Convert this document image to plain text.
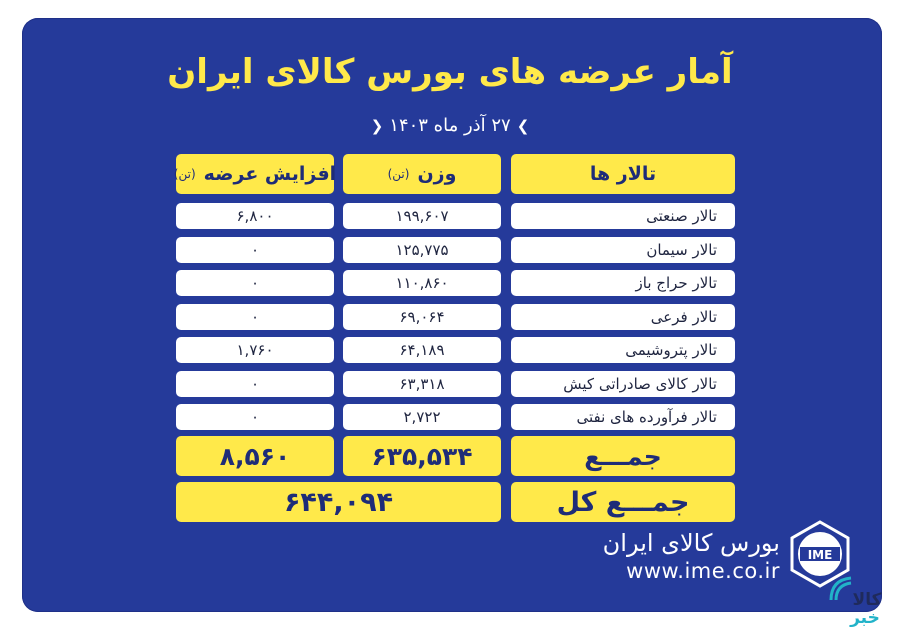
آمار عرضه های بورس کالای ایران
❯
۲۷ آذر ماه ۱۴۰۳
❮
تالار ها
وزن
(تن)
افزایش عرضه
(تن)
تالار صنعتی
۱۹۹,۶۰۷
۶,۸۰۰
تالار سیمان
۱۲۵,۷۷۵
۰
تالار حراج باز
۱۱۰,۸۶۰
۰
تالار فرعی
۶۹,۰۶۴
۰
تالار پتروشیمی
۶۴,۱۸۹
۱,۷۶۰
تالار کالای صادراتی کیش
۶۳,۳۱۸
۰
تالار فرآورده های نفتی
۲,۷۲۲
۰
جمـــع
۶۳۵,۵۳۴
۸,۵۶۰
جمـــع کل
۶۴۴,۰۹۴
بورس کالای ایران
www.ime.co.ir
IME
کالا
خبر
